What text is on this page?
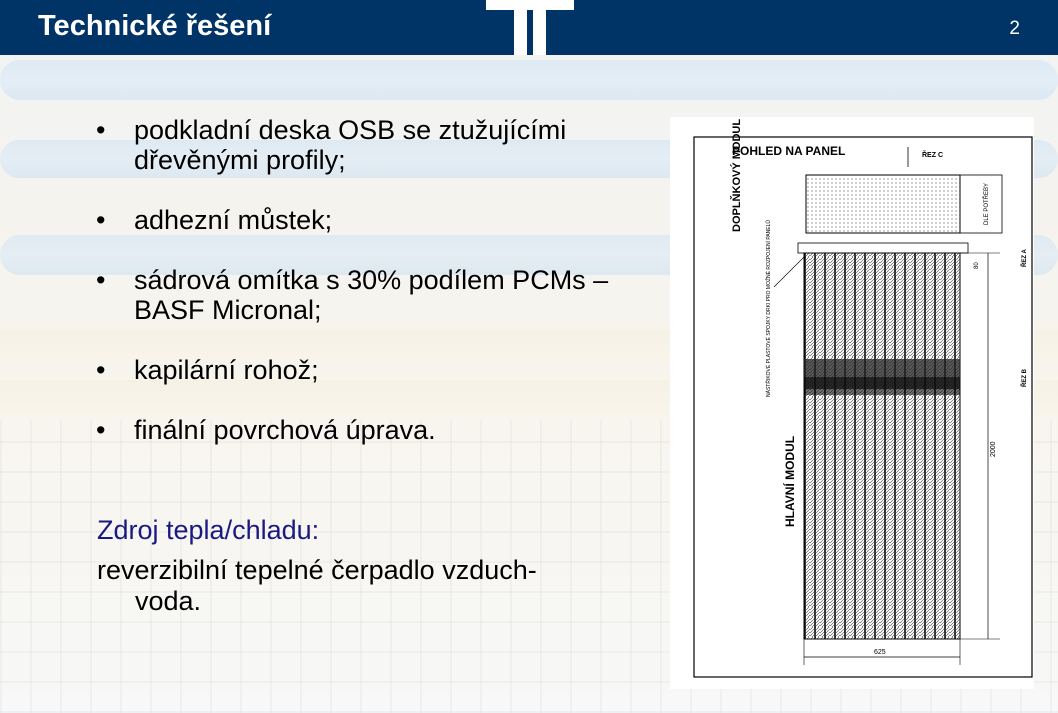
Technické řešení	2
• podkladní deska OSB se ztužujícími dřevěnými profily;
• adhezní můstek;
• sádrová omítka s 30% podílem PCMs – BASF Micronal;
• kapilární rohož;
• finální povrchová úprava.
Zdroj tepla/chladu:
reverzibilní tepelné čerpadlo vzduch-
voda.
POHLED NA PANEL	ŘEZ C
DLE POTŘEBY
DOPLŇKOVÝ MODUL
80	ŘEZ A
ŘEZ B
NÁSTŘIKOVÉ PLASTOVÉ SPOJKY DRKI PRO MOŽNÉ ROZPOJENÍ PANELŮ
HLAVNÍ MODUL	2000
625
